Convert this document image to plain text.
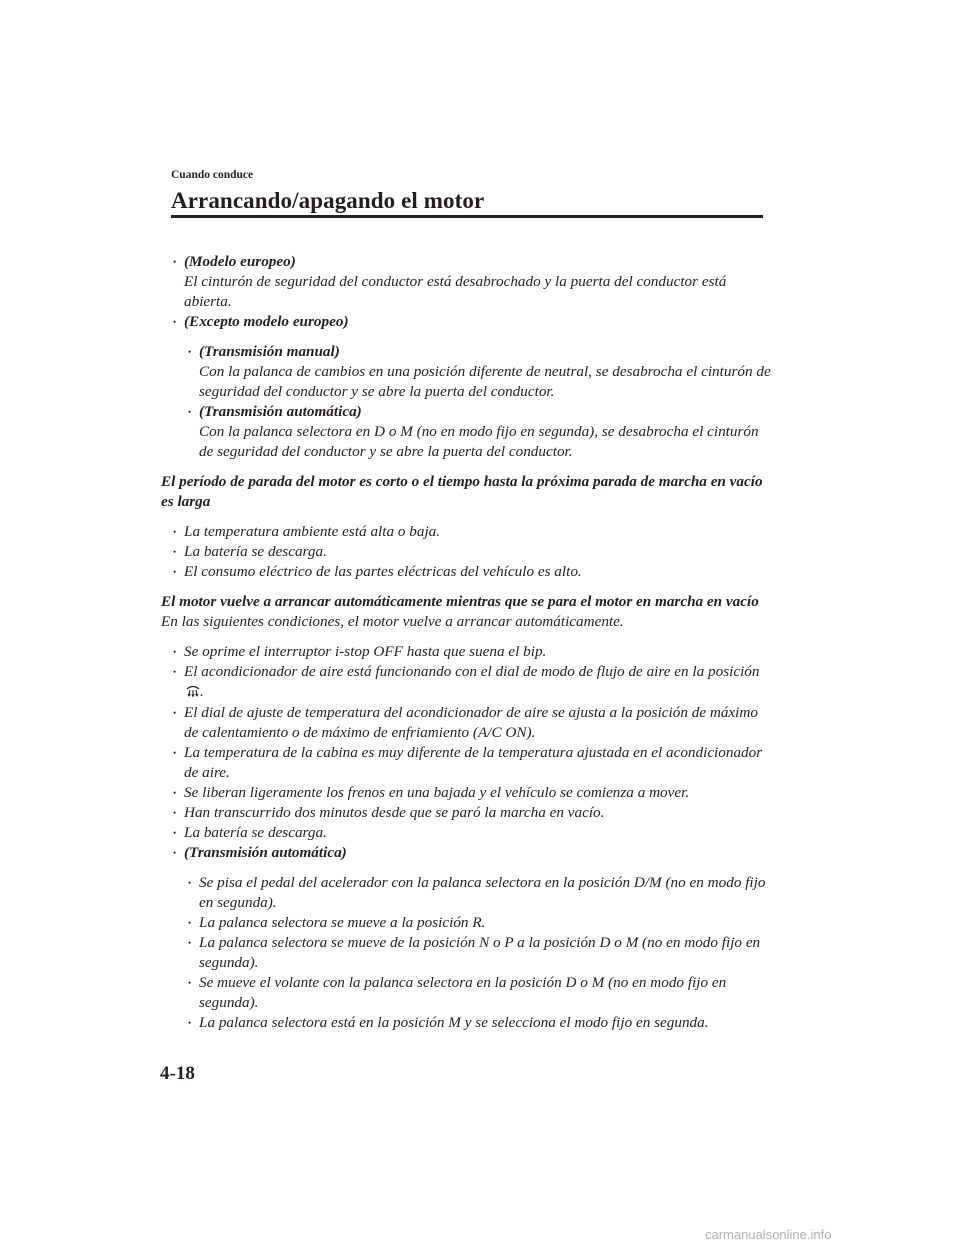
Cuando conduce

Arrancando/apagando el motor

• (Modelo europeo)
El cinturón de seguridad del conductor está desabrochado y la puerta del conductor está abierta.
• (Excepto modelo europeo)
• (Transmisión manual)
Con la palanca de cambios en una posición diferente de neutral, se desabrocha el cinturón de seguridad del conductor y se abre la puerta del conductor.
• (Transmisión automática)
Con la palanca selectora en D o M (no en modo fijo en segunda), se desabrocha el cinturón de seguridad del conductor y se abre la puerta del conductor.

El período de parada del motor es corto o el tiempo hasta la próxima parada de marcha en vacío es larga

• La temperatura ambiente está alta o baja.
• La batería se descarga.
• El consumo eléctrico de las partes eléctricas del vehículo es alto.

El motor vuelve a arrancar automáticamente mientras que se para el motor en marcha en vacío

En las siguientes condiciones, el motor vuelve a arrancar automáticamente.

• Se oprime el interruptor i-stop OFF hasta que suena el bip.
• El acondicionador de aire está funcionando con el dial de modo de flujo de aire en la posición.
• El dial de ajuste de temperatura del acondicionador de aire se ajusta a la posición de máximo de calentamiento o de máximo de enfriamiento (A/C ON).
• La temperatura de la cabina es muy diferente de la temperatura ajustada en el acondicionador de aire.
• Se liberan ligeramente los frenos en una bajada y el vehículo se comienza a mover.
• Han transcurrido dos minutos desde que se paró la marcha en vacío.
• La batería se descarga.
• (Transmisión automática)
• Se pisa el pedal del acelerador con la palanca selectora en la posición D/M (no en modo fijo en segunda).
• La palanca selectora se mueve a la posición R.
• La palanca selectora se mueve de la posición N o P a la posición D o M (no en modo fijo en segunda).
• Se mueve el volante con la palanca selectora en la posición D o M (no en modo fijo en segunda).
• La palanca selectora está en la posición M y se selecciona el modo fijo en segunda.

4-18

carmanualsonline.info
